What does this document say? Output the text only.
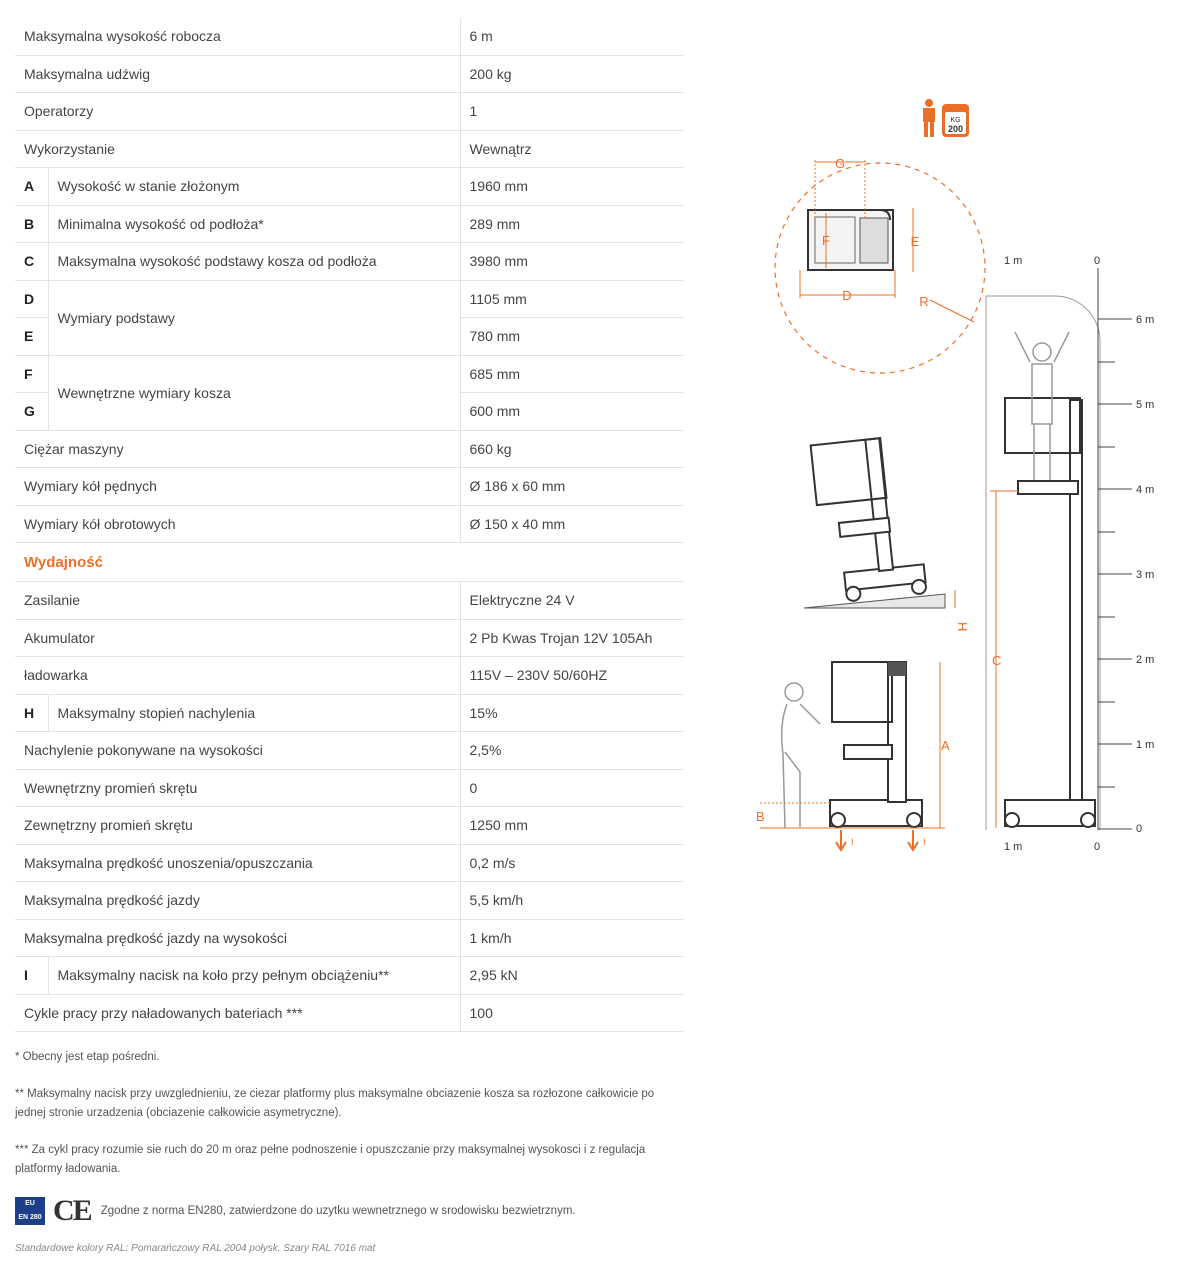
Maksymalna wysokość robocza		6 m
Maksymalna udźwig		200 kg
Operatorzy		1
Wykorzystanie		Wewnątrz
A	Wysokość w stanie złożonym	1960 mm
B	Minimalna wysokość od podłoża*	289 mm
C	Maksymalna wysokość podstawy kosza od podłoża	3980 mm
D	Wymiary podstawy	1105 mm
E		780 mm
F	Wewnętrzne wymiary kosza	685 mm
G		600 mm
Ciężar maszyny		660 kg
Wymiary kół pędnych		Ø 186 x 60 mm
Wymiary kół obrotowych		Ø 150 x 40 mm
Wydajność		
Zasilanie		Elektryczne 24 V
Akumulator		2 Pb Kwas Trojan 12V 105Ah
ładowarka		115V – 230V 50/60HZ
H	Maksymalny stopień nachylenia	15%
Nachylenie pokonywane na wysokości		2,5%
Wewnętrzny promień skrętu		0
Zewnętrzny promień skrętu		1250 mm
Maksymalna prędkość unoszenia/opuszczania		0,2 m/s
Maksymalna prędkość jazdy		5,5 km/h
Maksymalna prędkość jazdy na wysokości		1 km/h
I	Maksymalny nacisk na koło przy pełnym obciążeniu**	2,95 kN
Cykle pracy przy naładowanych bateriach ***		100

* Obecny jest etap pośredni.

** Maksymalny nacisk przy uwzglednieniu, ze ciezar platformy plus maksymalne obciazenie kosza sa rozłozone całkowicie po jednej stronie urzadzenia (obciazenie całkowicie asymetryczne).

*** Za cykl pracy rozumie sie ruch do 20 m oraz pełne podnoszenie i opuszczanie przy maksymalnej wysokosci i z regulacja platformy ładowania.

EU
EN 280 CE Zgodne z norma EN280, zatwierdzone do uzytku wewnetrznego w srodowisku bezwietrznym.
Standardowe kolory RAL: Pomarańczowy RAL 2004 połysk, Szary RAL 7016 mat
KG
200
G
F	E
D	R
H
A
B
I	I
C
6 m
5 m
4 m
3 m
2 m
1 m
0
1 m	0
1 m	0
